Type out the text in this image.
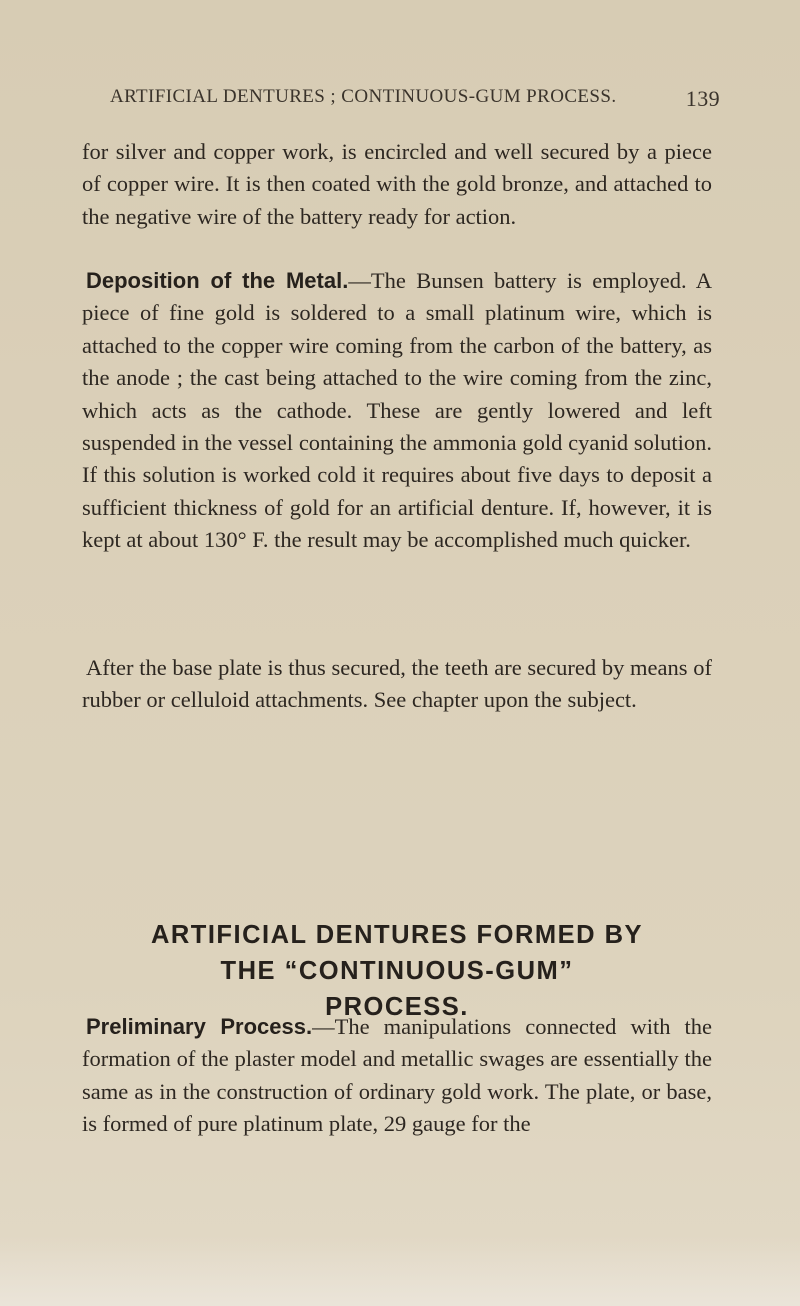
ARTIFICIAL DENTURES ; CONTINUOUS-GUM PROCESS.	139

for silver and copper work, is encircled and well secured by a piece of copper wire. It is then coated with the gold bronze, and attached to the negative wire of the battery ready for action.

Deposition of the Metal.—The Bunsen battery is employed. A piece of fine gold is soldered to a small platinum wire, which is attached to the copper wire coming from the carbon of the battery, as the anode ; the cast being attached to the wire coming from the zinc, which acts as the cathode. These are gently lowered and left suspended in the vessel containing the ammonia gold cyanid solution. If this solution is worked cold it requires about five days to deposit a sufficient thickness of gold for an artificial denture. If, however, it is kept at about 130° F. the result may be accomplished much quicker.

After the base plate is thus secured, the teeth are secured by means of rubber or celluloid attachments. See chapter upon the subject.

ARTIFICIAL DENTURES FORMED BY
THE “CONTINUOUS-GUM”
PROCESS.

Preliminary Process.—The manipulations connected with the formation of the plaster model and metallic swages are essentially the same as in the construction of ordinary gold work. The plate, or base, is formed of pure platinum plate, 29 gauge for the
